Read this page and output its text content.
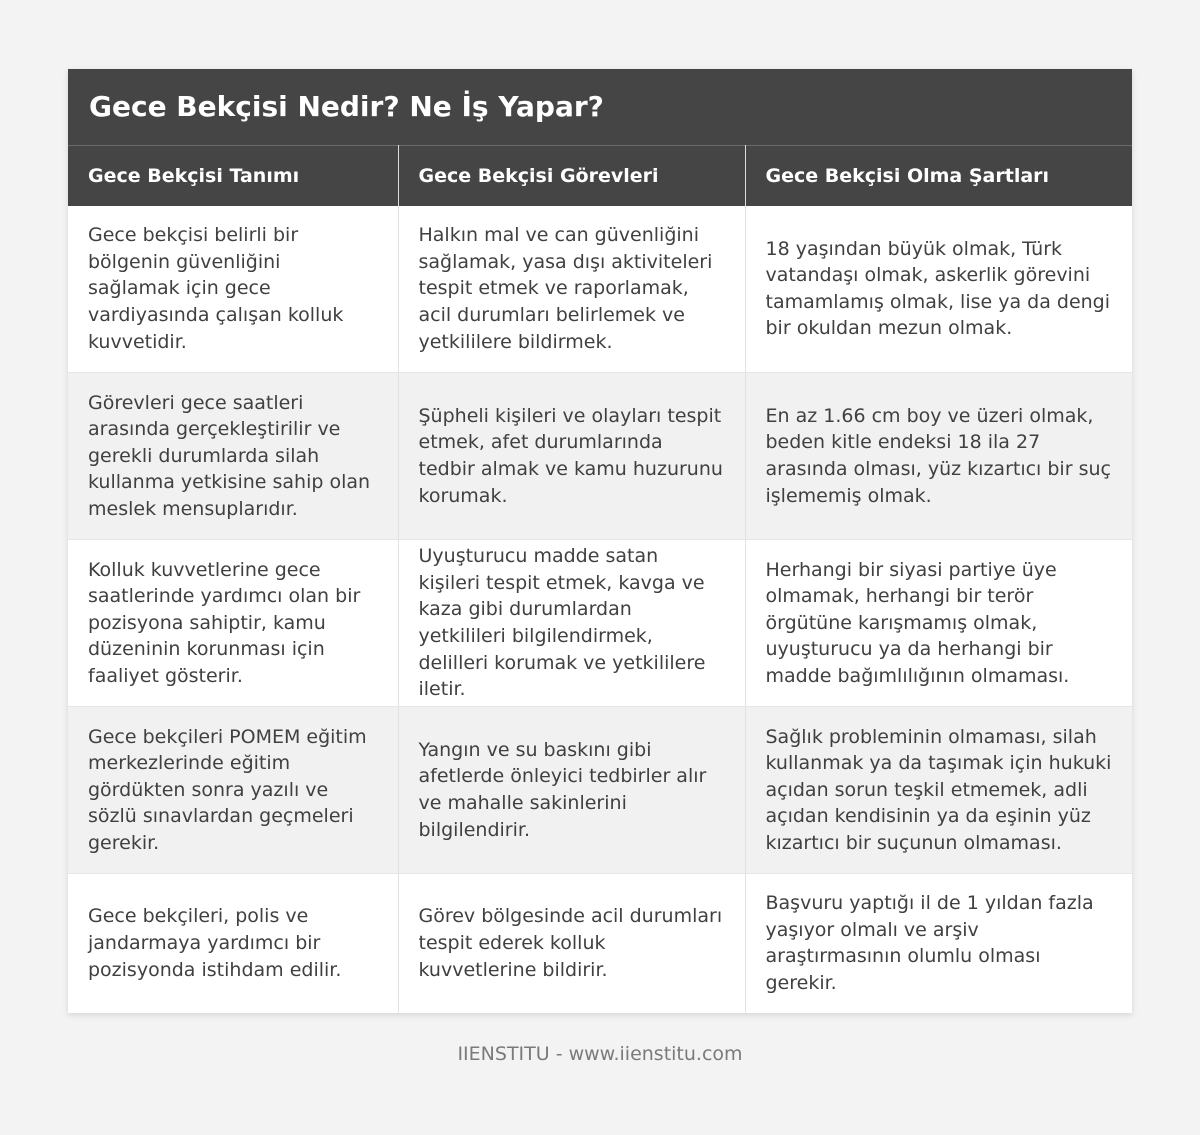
Gece Bekçisi Nedir? Ne İş Yapar?
Gece Bekçisi Tanımı	Gece Bekçisi Görevleri	Gece Bekçisi Olma Şartları
Gece bekçisi belirli bir bölgenin güvenliğini sağlamak için gece vardiyasında çalışan kolluk kuvvetidir.	Halkın mal ve can güvenliğini sağlamak, yasa dışı aktiviteleri tespit etmek ve raporlamak, acil durumları belirlemek ve yetkililere bildirmek.	18 yaşından büyük olmak, Türk vatandaşı olmak, askerlik görevini tamamlamış olmak, lise ya da dengi bir okuldan mezun olmak.
Görevleri gece saatleri arasında gerçekleştirilir ve gerekli durumlarda silah kullanma yetkisine sahip olan meslek mensuplarıdır.	Şüpheli kişileri ve olayları tespit etmek, afet durumlarında tedbir almak ve kamu huzurunu korumak.	En az 1.66 cm boy ve üzeri olmak, beden kitle endeksi 18 ila 27 arasında olması, yüz kızartıcı bir suç işlememiş olmak.
Kolluk kuvvetlerine gece saatlerinde yardımcı olan bir pozisyona sahiptir, kamu düzeninin korunması için faaliyet gösterir.	Uyuşturucu madde satan kişileri tespit etmek, kavga ve kaza gibi durumlardan yetkilileri bilgilendirmek, delilleri korumak ve yetkililere iletir.	Herhangi bir siyasi partiye üye olmamak, herhangi bir terör örgütüne karışmamış olmak, uyuşturucu ya da herhangi bir madde bağımlılığının olmaması.
Gece bekçileri POMEM eğitim merkezlerinde eğitim gördükten sonra yazılı ve sözlü sınavlardan geçmeleri gerekir.	Yangın ve su baskını gibi afetlerde önleyici tedbirler alır ve mahalle sakinlerini bilgilendirir.	Sağlık probleminin olmaması, silah kullanmak ya da taşımak için hukuki açıdan sorun teşkil etmemek, adli açıdan kendisinin ya da eşinin yüz kızartıcı bir suçunun olmaması.
Gece bekçileri, polis ve jandarmaya yardımcı bir pozisyonda istihdam edilir.	Görev bölgesinde acil durumları tespit ederek kolluk kuvvetlerine bildirir.	Başvuru yaptığı il de 1 yıldan fazla yaşıyor olmalı ve arşiv araştırmasının olumlu olması gerekir.
IIENSTITU - www.iienstitu.com
